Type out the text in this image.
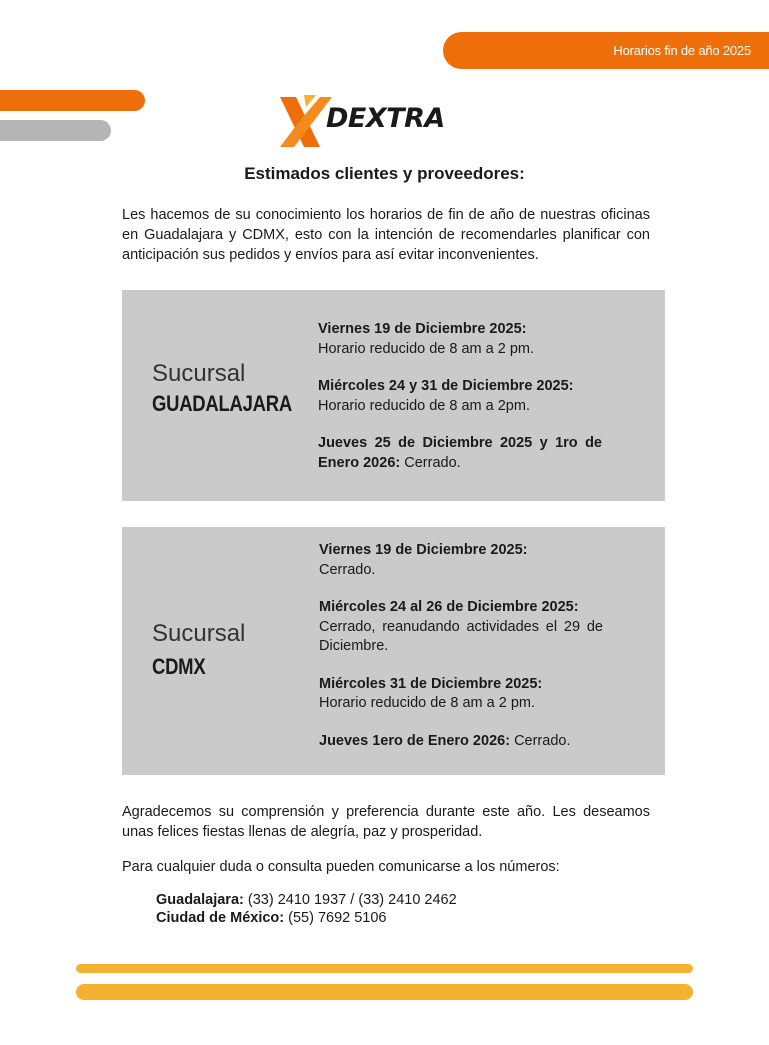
Horarios fin de año 2025
DEXTRA
Estimados clientes y proveedores:
Les hacemos de su conocimiento los horarios de fin de año de nuestras oficinas en Guadalajara y CDMX, esto con la intención de recomendarles planificar con anticipación sus pedidos y envíos para así evitar inconvenientes.
Sucursal
GUADALAJARA
Viernes 19 de Diciembre 2025:
Horario reducido de 8 am a 2 pm.
Miércoles 24 y 31 de Diciembre 2025:
Horario reducido de 8 am a 2pm.
Jueves 25 de Diciembre 2025 y 1ro de Enero 2026: Cerrado.
Sucursal
CDMX
Viernes 19 de Diciembre 2025:
Cerrado.
Miércoles 24 al 26 de Diciembre 2025:
Cerrado, reanudando actividades el 29 de Diciembre.
Miércoles 31 de Diciembre 2025:
Horario reducido de 8 am a 2 pm.
Jueves 1ero de Enero 2026: Cerrado.
Agradecemos su comprensión y preferencia durante este año. Les deseamos unas felices fiestas llenas de alegría, paz y prosperidad.
Para cualquier duda o consulta pueden comunicarse a los números:
Guadalajara: (33) 2410 1937 / (33) 2410 2462
Ciudad de México: (55) 7692 5106
